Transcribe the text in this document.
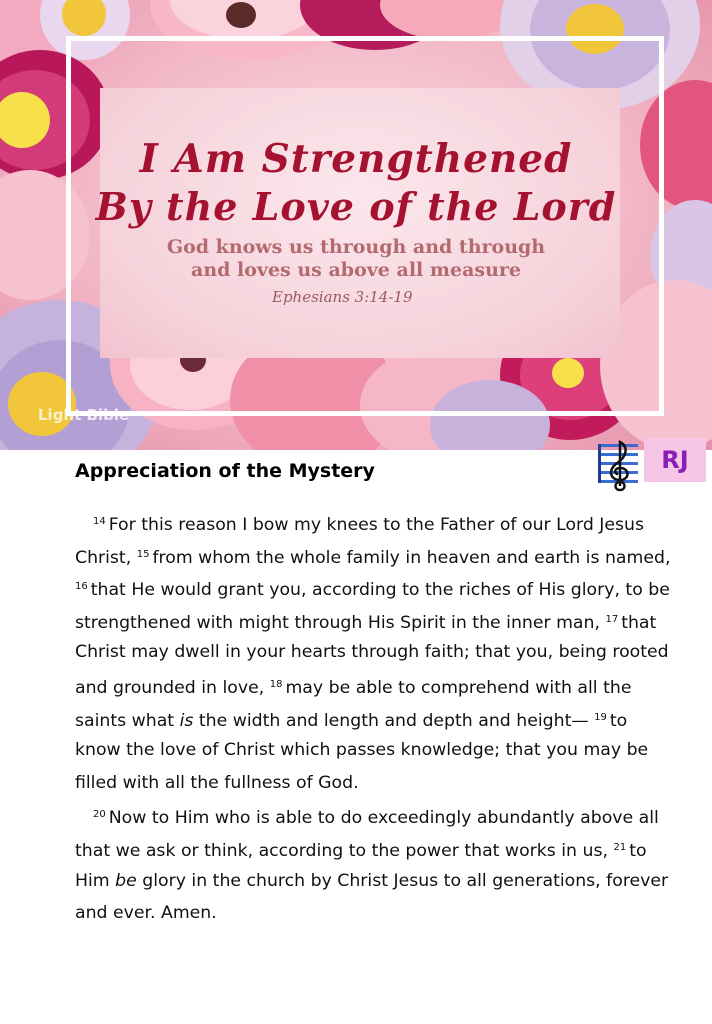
I Am Strengthened
By the Love of the Lord
God knows us through and through
and loves us above all measure
Ephesians 3:14-19
Light Bible
RJ
Appreciation of the Mystery
$^{14}$ For this reason I bow my knees to the Father of our Lord Jesus
Christ, $^{15}$ from whom the whole family in heaven and earth is named,
$^{16}$ that He would grant you, according to the riches of His glory, to be
strengthened with might through His Spirit in the inner man, $^{17}$ that
Christ may dwell in your hearts through faith; that you, being rooted
and grounded in love, $^{18}$ may be able to comprehend with all the
saints what is the width and length and depth and height— $^{19}$ to
know the love of Christ which passes knowledge; that you may be
filled with all the fullness of God.
$^{20}$ Now to Him who is able to do exceedingly abundantly above all
that we ask or think, according to the power that works in us, $^{21}$ to
Him be glory in the church by Christ Jesus to all generations, forever
and ever. Amen.
